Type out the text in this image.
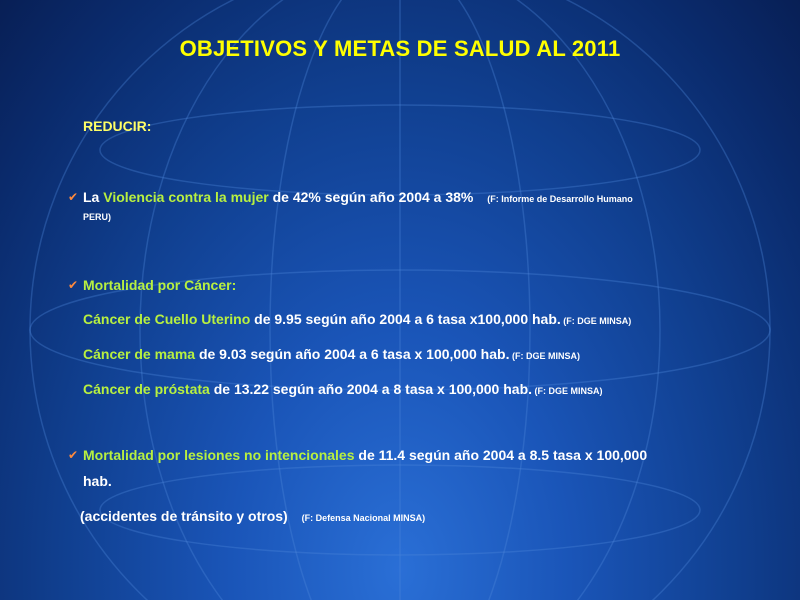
OBJETIVOS Y METAS DE SALUD AL 2011
REDUCIR:
✔ La Violencia contra la mujer de 42% según año 2004 a 38% (F: Informe de Desarrollo Humano
PERU)
✔ Mortalidad por Cáncer:
Cáncer de Cuello Uterino de 9.95 según año 2004 a 6 tasa x100,000 hab. (F: DGE MINSA)
Cáncer de mama de 9.03 según año 2004 a 6 tasa x 100,000 hab. (F: DGE MINSA)
Cáncer de próstata de 13.22 según año 2004 a 8 tasa x 100,000 hab. (F: DGE MINSA)
✔ Mortalidad por lesiones no intencionales de 11.4 según año 2004 a 8.5 tasa x 100,000
hab.
(accidentes de tránsito y otros) (F: Defensa Nacional MINSA)
